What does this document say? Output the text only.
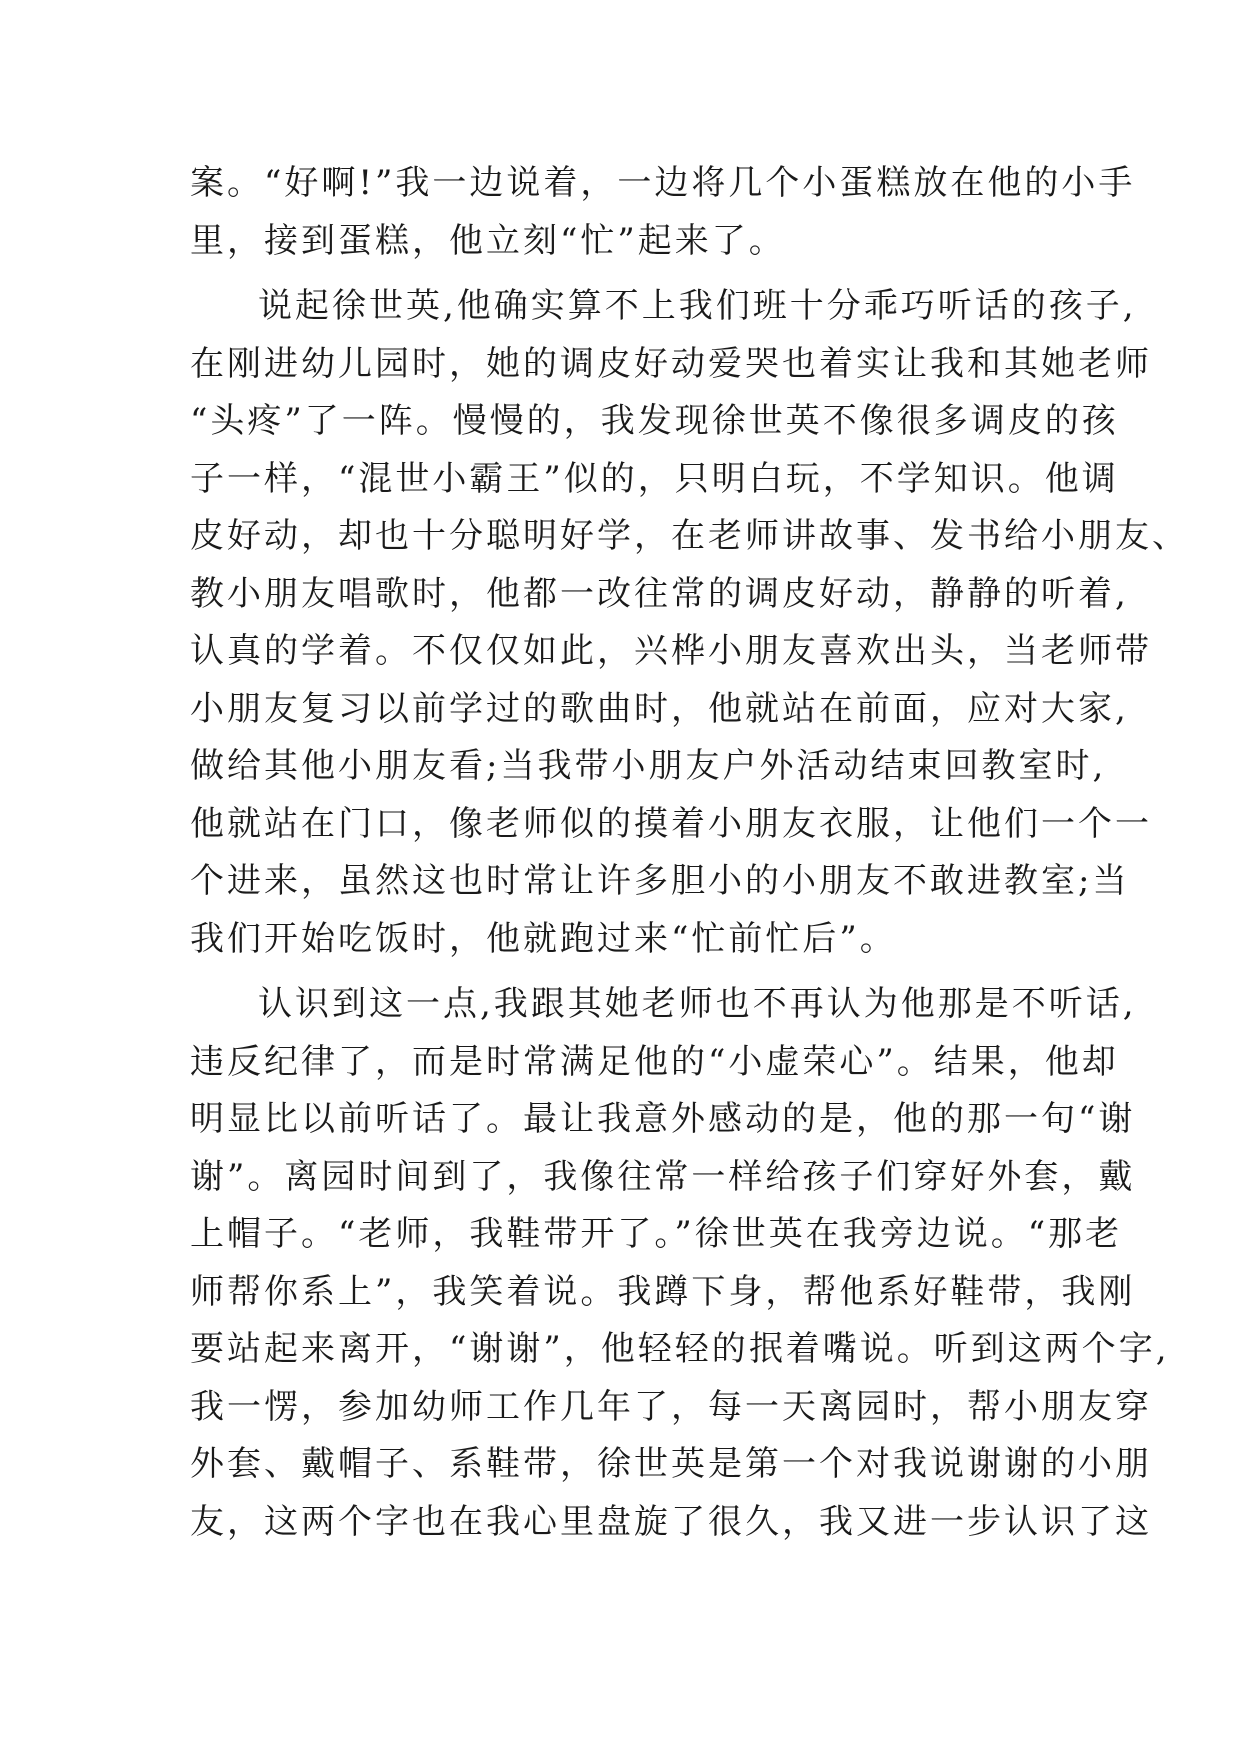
案。“好啊!”我一边说着，一边将几个小蛋糕放在他的小手
里，接到蛋糕，他立刻“忙”起来了。
说起徐世英,他确实算不上我们班十分乖巧听话的孩子,
在刚进幼儿园时，她的调皮好动爱哭也着实让我和其她老师
“头疼”了一阵。慢慢的，我发现徐世英不像很多调皮的孩
子一样，“混世小霸王”似的，只明白玩，不学知识。他调
皮好动，却也十分聪明好学，在老师讲故事、发书给小朋友、
教小朋友唱歌时，他都一改往常的调皮好动，静静的听着,
认真的学着。不仅仅如此，兴桦小朋友喜欢出头，当老师带
小朋友复习以前学过的歌曲时，他就站在前面，应对大家,
做给其他小朋友看;当我带小朋友户外活动结束回教室时,
他就站在门口，像老师似的摸着小朋友衣服，让他们一个一
个进来，虽然这也时常让许多胆小的小朋友不敢进教室;当
我们开始吃饭时，他就跑过来“忙前忙后”。
认识到这一点,我跟其她老师也不再认为他那是不听话,
违反纪律了，而是时常满足他的“小虚荣心”。结果，他却
明显比以前听话了。最让我意外感动的是，他的那一句“谢
谢”。离园时间到了，我像往常一样给孩子们穿好外套，戴
上帽子。“老师，我鞋带开了。”徐世英在我旁边说。“那老
师帮你系上”，我笑着说。我蹲下身，帮他系好鞋带，我刚
要站起来离开，“谢谢”，他轻轻的抿着嘴说。听到这两个字,
我一愣，参加幼师工作几年了，每一天离园时，帮小朋友穿
外套、戴帽子、系鞋带，徐世英是第一个对我说谢谢的小朋
友，这两个字也在我心里盘旋了很久，我又进一步认识了这
